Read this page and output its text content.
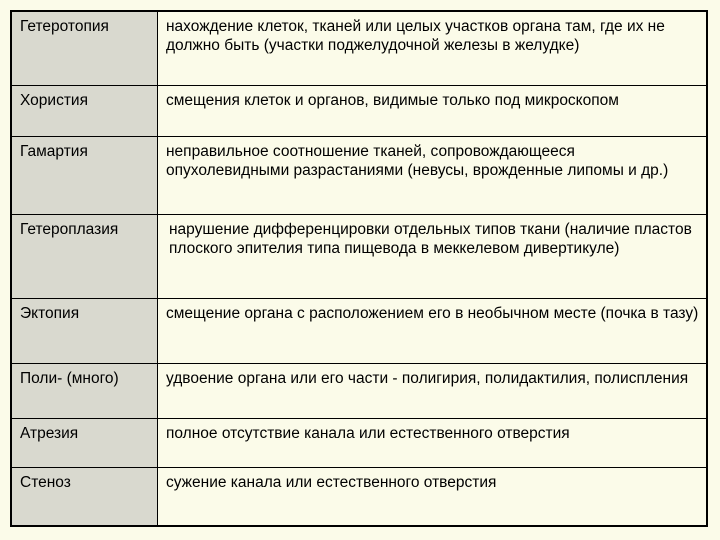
Гетеротопия	нахождение клеток, тканей или целых участков органа там, где их не должно быть (участки поджелудочной железы в желудке)
Хористия	смещения клеток и органов, видимые только под микроскопом
Гамартия	неправильное соотношение тканей, сопровождающееся опухолевидными разрастаниями (невусы, врожденные липомы и др.)
Гетероплазия	нарушение дифференцировки отдельных типов ткани (наличие пластов плоского эпителия типа пищевода в меккелевом дивертикуле)
Эктопия	смещение органа с расположением его в необычном месте (почка в тазу)
Поли- (много)	удвоение органа или его части - полигирия, полидактилия, полиспления
Атрезия	полное отсутствие канала или естественного отверстия
Стеноз	сужение канала или естественного отверстия
